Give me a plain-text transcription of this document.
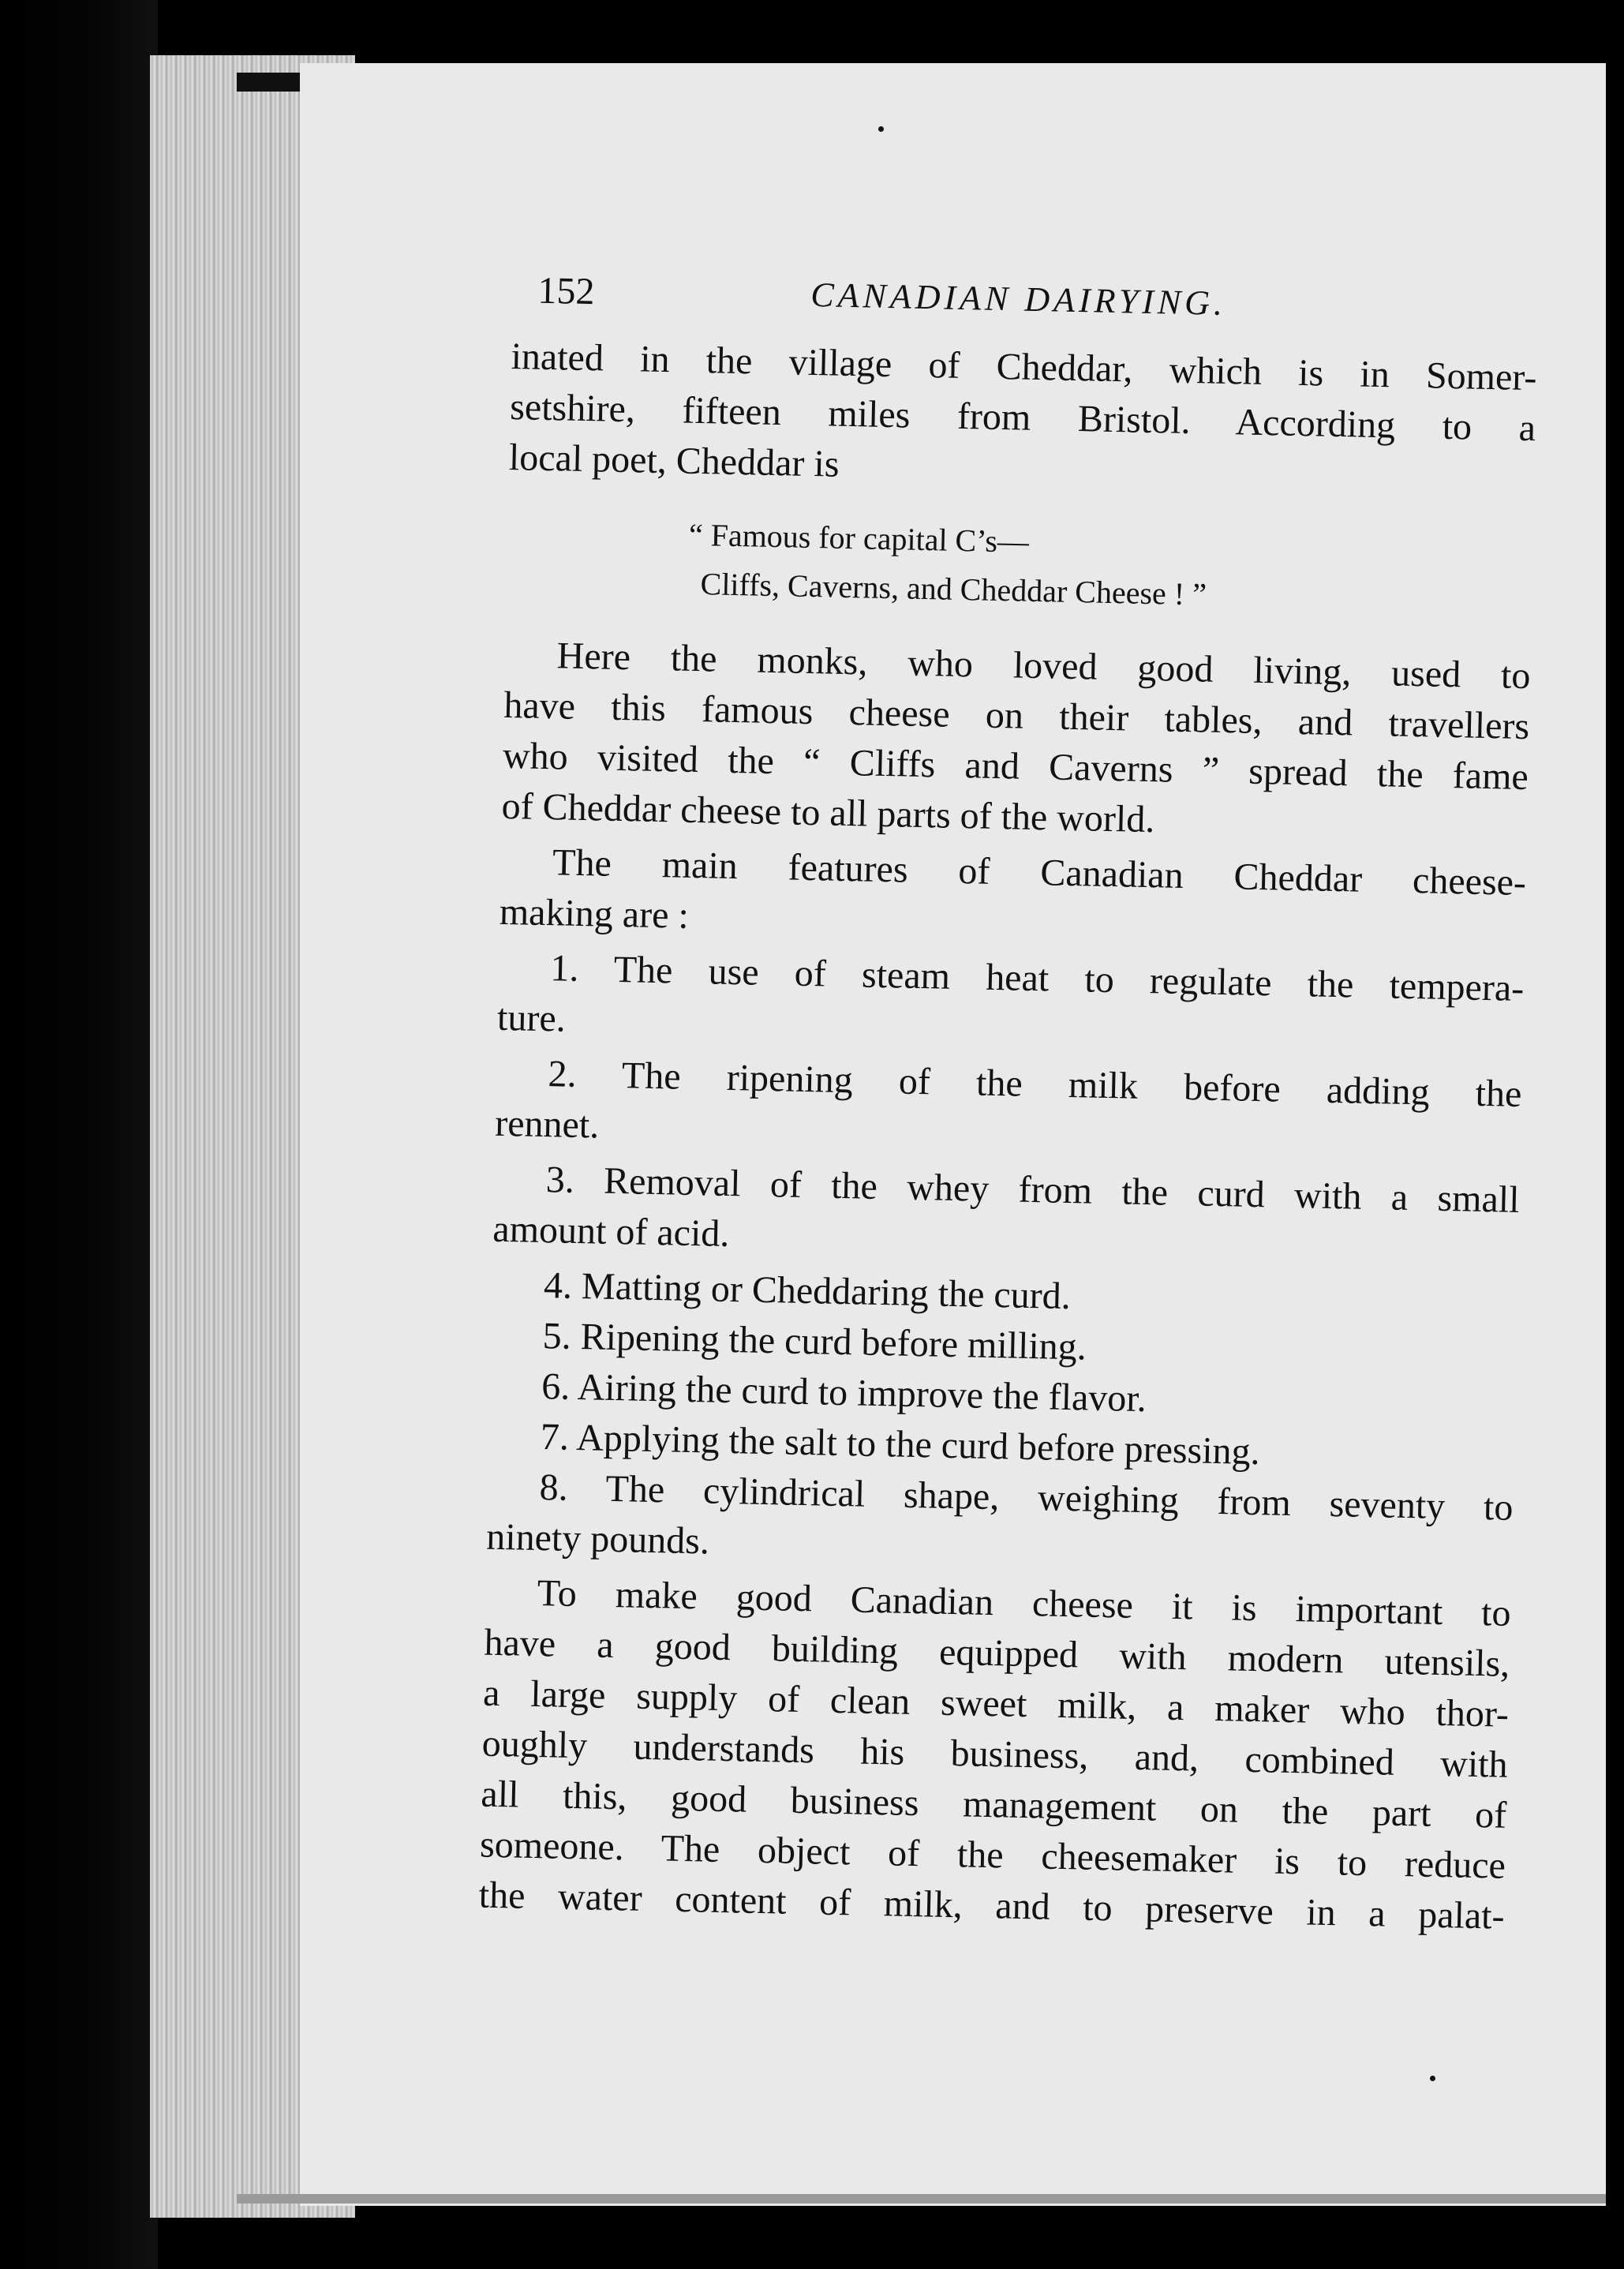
152	CANADIAN DAIRYING.
inated in the village of Cheddar, which is in Somer-
setshire, fifteen miles from Bristol. According to a
local poet, Cheddar is
“ Famous for capital C’s—
Cliffs, Caverns, and Cheddar Cheese ! ”
Here the monks, who loved good living, used to
have this famous cheese on their tables, and travellers
who visited the “ Cliffs and Caverns ” spread the fame
of Cheddar cheese to all parts of the world.
The main features of Canadian Cheddar cheese-
making are :
1. The use of steam heat to regulate the tempera-
ture.
2. The ripening of the milk before adding the
rennet.
3. Removal of the whey from the curd with a small
amount of acid.
4. Matting or Cheddaring the curd.
5. Ripening the curd before milling.
6. Airing the curd to improve the flavor.
7. Applying the salt to the curd before pressing.
8. The cylindrical shape, weighing from seventy to
ninety pounds.
To make good Canadian cheese it is important to
have a good building equipped with modern utensils,
a large supply of clean sweet milk, a maker who thor-
oughly understands his business, and, combined with
all this, good business management on the part of
someone. The object of the cheesemaker is to reduce
the water content of milk, and to preserve in a palat-
